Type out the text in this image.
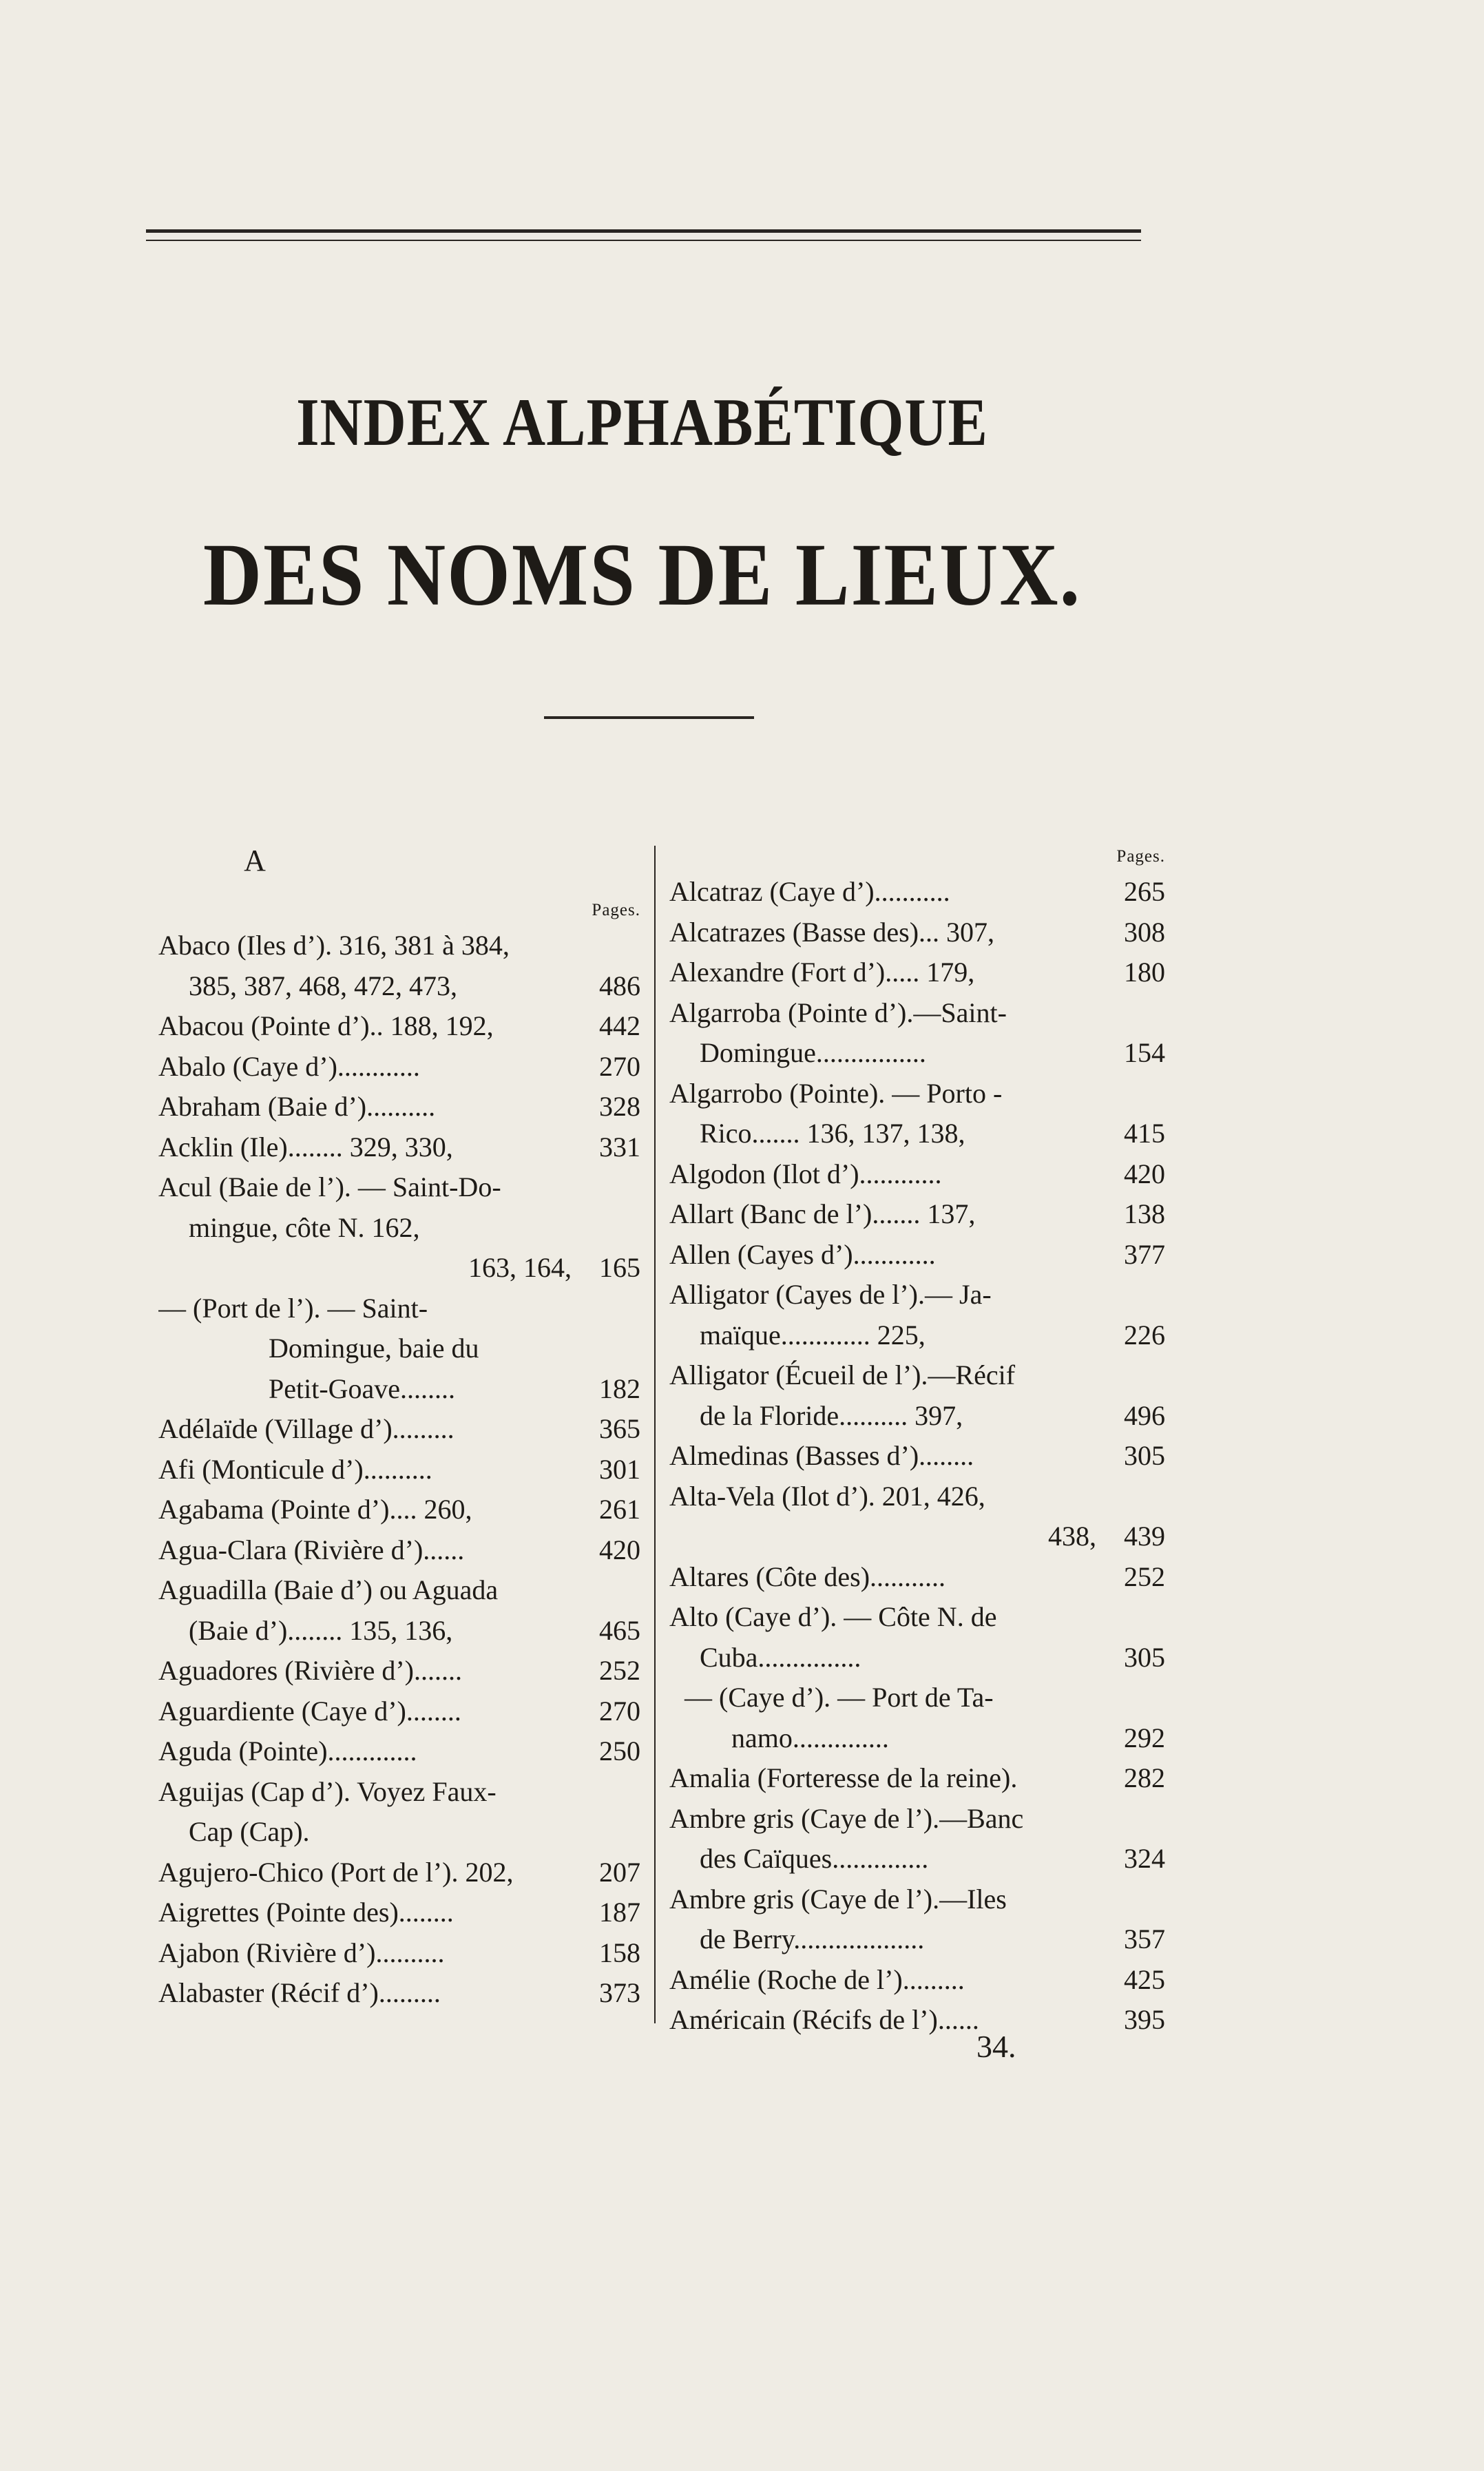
INDEX ALPHABÉTIQUE
DES NOMS DE LIEUX.
A
Pages.
Abaco (Iles d’). 316, 381 à 384,
385, 387, 468, 472, 473,	486
Abacou (Pointe d’).. 188, 192,	442
Abalo (Caye d’)............	270
Abraham (Baie d’)..........	328
Acklin (Ile)........ 329, 330,	331
Acul (Baie de l’). — Saint-Do-
mingue, côte N. 162,
163, 164,	165
— (Port de l’). — Saint-
Domingue, baie du
Petit-Goave........	182
Adélaïde (Village d’).........	365
Afi (Monticule d’)..........	301
Agabama (Pointe d’).... 260,	261
Agua-Clara (Rivière d’)......	420
Aguadilla (Baie d’) ou Aguada
(Baie d’)........ 135, 136,	465
Aguadores (Rivière d’).......	252
Aguardiente (Caye d’)........	270
Aguda (Pointe).............	250
Aguijas (Cap d’). Voyez Faux-
Cap (Cap).
Agujero-Chico (Port de l’). 202,	207
Aigrettes (Pointe des)........	187
Ajabon (Rivière d’)..........	158
Alabaster (Récif d’).........	373
Pages.
Alcatraz (Caye d’)...........	265
Alcatrazes (Basse des)... 307,	308
Alexandre (Fort d’)..... 179,	180
Algarroba (Pointe d’).—Saint-
Domingue................	154
Algarrobo (Pointe). — Porto -
Rico....... 136, 137, 138,	415
Algodon (Ilot d’)............	420
Allart (Banc de l’)....... 137,	138
Allen (Cayes d’)............	377
Alligator (Cayes de l’).— Ja-
maïque............. 225,	226
Alligator (Écueil de l’).—Récif
de la Floride.......... 397,	496
Almedinas (Basses d’)........	305
Alta-Vela (Ilot d’). 201, 426,
438,	439
Altares (Côte des)...........	252
Alto (Caye d’). — Côte N. de
Cuba...............	305
— (Caye d’). — Port de Ta-
namo..............	292
Amalia (Forteresse de la reine).	282
Ambre gris (Caye de l’).—Banc
des Caïques..............	324
Ambre gris (Caye de l’).—Iles
de Berry...................	357
Amélie (Roche de l’).........	425
Américain (Récifs de l’)......	395
34.
